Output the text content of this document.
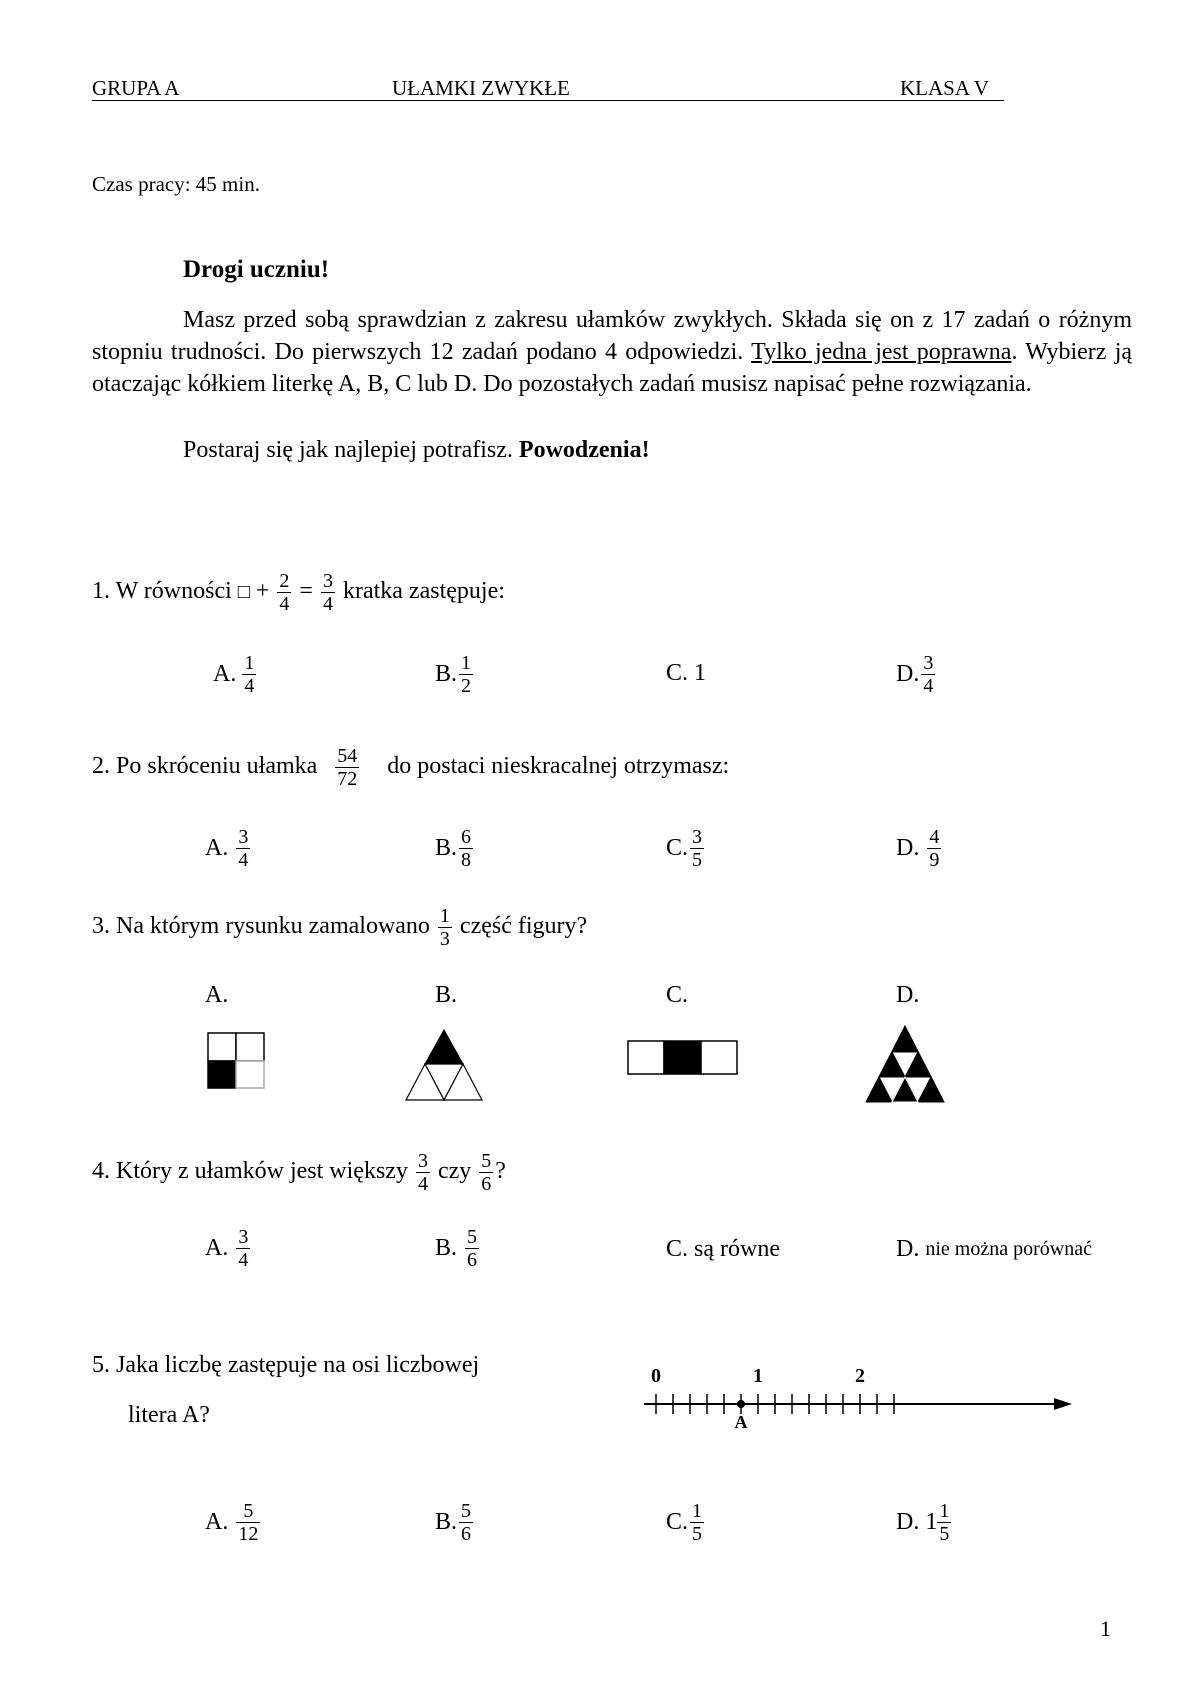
GRUPA A	UŁAMKI ZWYKŁE	KLASA V
Czas pracy: 45 min.
Drogi uczniu!
Masz przed sobą sprawdzian z zakresu ułamków zwykłych. Składa się on z 17 zadań o różnym stopniu trudności. Do pierwszych 12 zadań podano 4 odpowiedzi. Tylko jedna jest poprawna. Wybierz ją otaczając kółkiem literkę A, B, C lub D. Do pozostałych zadań musisz napisać pełne rozwiązania.
Postaraj się jak najlepiej potrafisz. Powodzenia!
1. W równości □ + $\frac{2}{4} = \frac{3}{4}$ kratka zastępuje:
A. $\frac{1}{4}$	B. $\frac{1}{2}$	C.
1	D. $\frac{3}{4}$
2. Po skróceniu ułamka $\frac{54}{72}$ do postaci nieskracalnej otrzymasz:
A. $\frac{3}{4}$	B. $\frac{6}{8}$	C. $\frac{3}{5}$	D. $\frac{4}{9}$
3. Na którym rysunku zamalowano $\frac{1}{3}$ część figury?
A.	B.	C.	D.
4. Który z ułamków jest większy $\frac{3}{4}$ czy $\frac{5}{6}$ ?
A. $\frac{3}{4}$	B. $\frac{5}{6}$	C.
są równe	D.
nie można porównać
5. Jaka liczbę zastępuje na osi liczbowej
litera A?
0	1	2
A
A. $\frac{5}{12}$	B. $\frac{5}{6}$	C. $\frac{1}{5}$	D.
$1 \frac{1}{5}$
1
